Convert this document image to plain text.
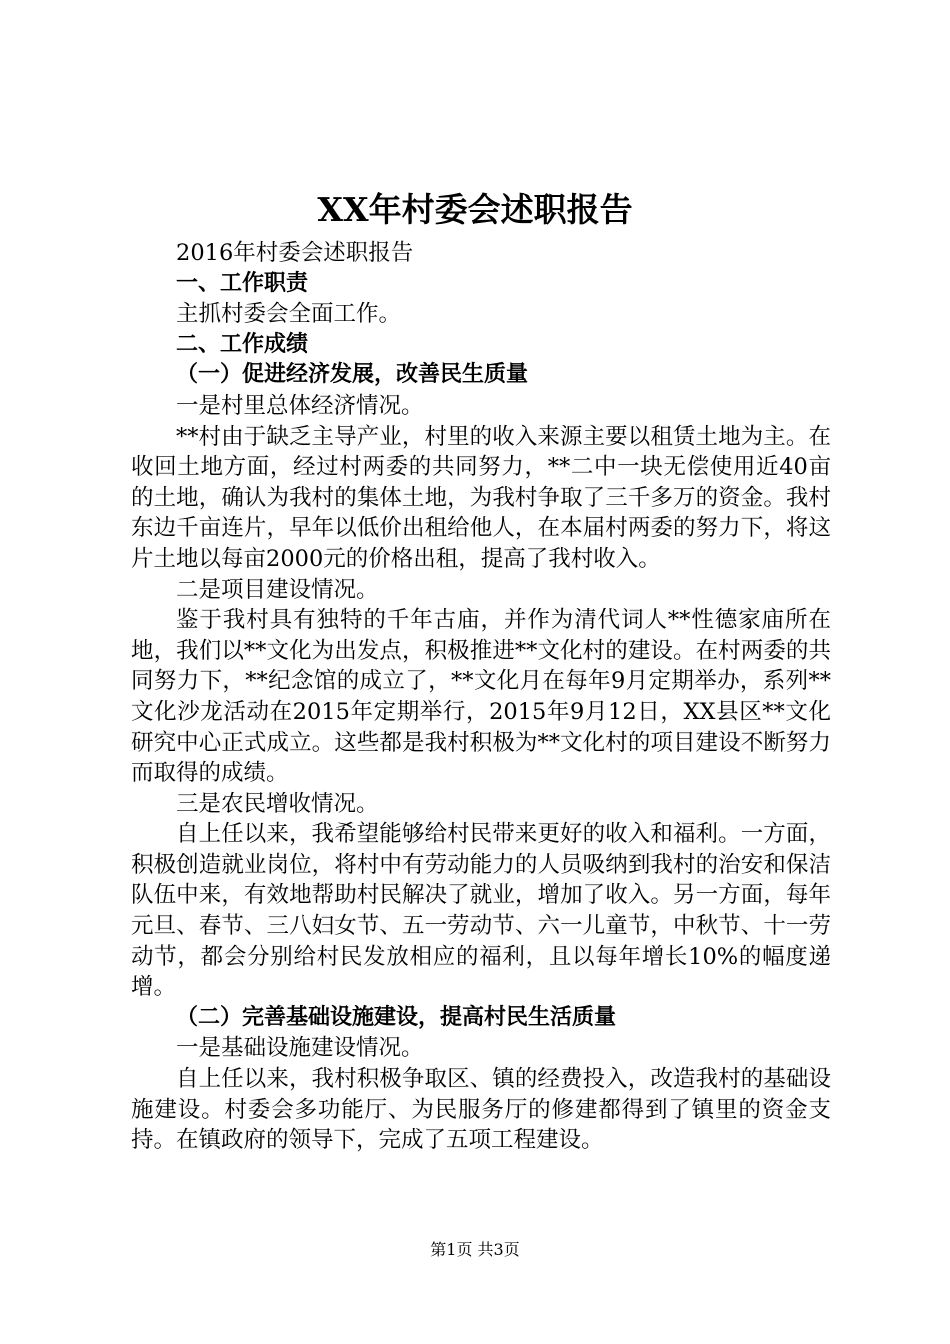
XX年村委会述职报告

2016年村委会述职报告

一、工作职责

主抓村委会全面工作。

二、工作成绩

（一）促进经济发展，改善民生质量

一是村里总体经济情况。

**村由于缺乏主导产业，村里的收入来源主要以租赁土地为主。在收回土地方面，经过村两委的共同努力，**二中一块无偿使用近40亩的土地，确认为我村的集体土地，为我村争取了三千多万的资金。我村东边千亩连片，早年以低价出租给他人，在本届村两委的努力下，将这片土地以每亩2000元的价格出租，提高了我村收入。

二是项目建设情况。

鉴于我村具有独特的千年古庙，并作为清代词人**性德家庙所在地，我们以**文化为出发点，积极推进**文化村的建设。在村两委的共同努力下，**纪念馆的成立了，**文化月在每年9月定期举办，系列**文化沙龙活动在2015年定期举行，2015年9月12日，XX县区**文化研究中心正式成立。这些都是我村积极为**文化村的项目建设不断努力而取得的成绩。

三是农民增收情况。

自上任以来，我希望能够给村民带来更好的收入和福利。一方面，积极创造就业岗位，将村中有劳动能力的人员吸纳到我村的治安和保洁队伍中来，有效地帮助村民解决了就业，增加了收入。另一方面，每年元旦、春节、三八妇女节、五一劳动节、六一儿童节，中秋节、十一劳动节，都会分别给村民发放相应的福利，且以每年增长10%的幅度递增。

（二）完善基础设施建设，提高村民生活质量

一是基础设施建设情况。

自上任以来，我村积极争取区、镇的经费投入，改造我村的基础设施建设。村委会多功能厅、为民服务厅的修建都得到了镇里的资金支持。在镇政府的领导下，完成了五项工程建设。

第1页 共3页
